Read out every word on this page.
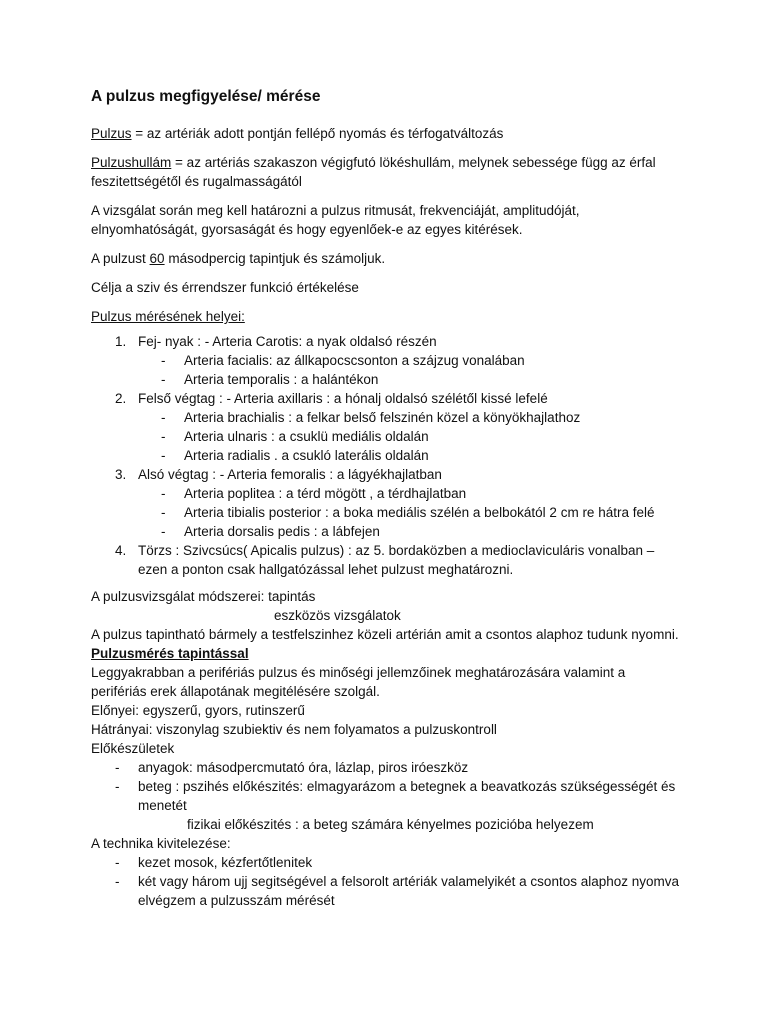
A pulzus megfigyelése/ mérése

Pulzus = az artériák adott pontján fellépő nyomás és térfogatváltozás

Pulzushullám = az artériás szakaszon végigfutó lökéshullám, melynek sebessége függ az érfal feszitettségétől és rugalmasságától

A vizsgálat során meg kell határozni a pulzus ritmusát, frekvenciáját, amplitudóját, elnyomhatóságát, gyorsaságát és hogy egyenlőek-e az egyes kitérések.

A pulzust 60 másodpercig tapintjuk és számoljuk.

Célja a sziv és érrendszer funkció értékelése

Pulzus mérésének helyei:

1. Fej- nyak : - Arteria Carotis: a nyak oldalsó részén
- Arteria facialis: az állkapocscsonton a szájzug vonalában
- Arteria temporalis : a halántékon
2. Felső végtag : - Arteria axillaris : a hónalj oldalsó szélétől kissé lefelé
- Arteria brachialis : a felkar belső felszinén közel a könyökhajlathoz
- Arteria ulnaris : a csuklü mediális oldalán
- Arteria radialis . a csukló laterális oldalán
3. Alsó végtag : - Arteria femoralis : a lágyékhajlatban
- Arteria poplitea : a térd mögött , a térdhajlatban
- Arteria tibialis posterior : a boka mediális szélén a belbokától 2 cm re hátra felé
- Arteria dorsalis pedis : a lábfejen
4. Törzs : Szivcsúcs( Apicalis pulzus) : az 5. bordaközben a medioclaviculáris vonalban – ezen a ponton csak hallgatózással lehet pulzust meghatározni.

A pulzusvizsgálat módszerei: tapintás

eszközös vizsgálatok

A pulzus tapintható bármely a testfelszinhez közeli artérián amit a csontos alaphoz tudunk nyomni.

Pulzusmérés tapintással

Leggyakrabban a perifériás pulzus és minőségi jellemzőinek meghatározására valamint a perifériás erek állapotának megitélésére szolgál.

Előnyei: egyszerű, gyors, rutinszerű

Hátrányai: viszonylag szubiektiv és nem folyamatos a pulzuskontroll

Előkészületek

- anyagok: másodpercmutató óra, lázlap, piros iróeszköz
- beteg : pszihés előkészités: elmagyarázom a betegnek a beavatkozás szükségességét és menetét

fizikai előkészités : a beteg számára kényelmes pozicióba helyezem

A technika kivitelezése:

- kezet mosok, kézfertőtlenitek
- két vagy három ujj segitségével a felsorolt artériák valamelyikét a csontos alaphoz nyomva elvégzem a pulzusszám mérését
